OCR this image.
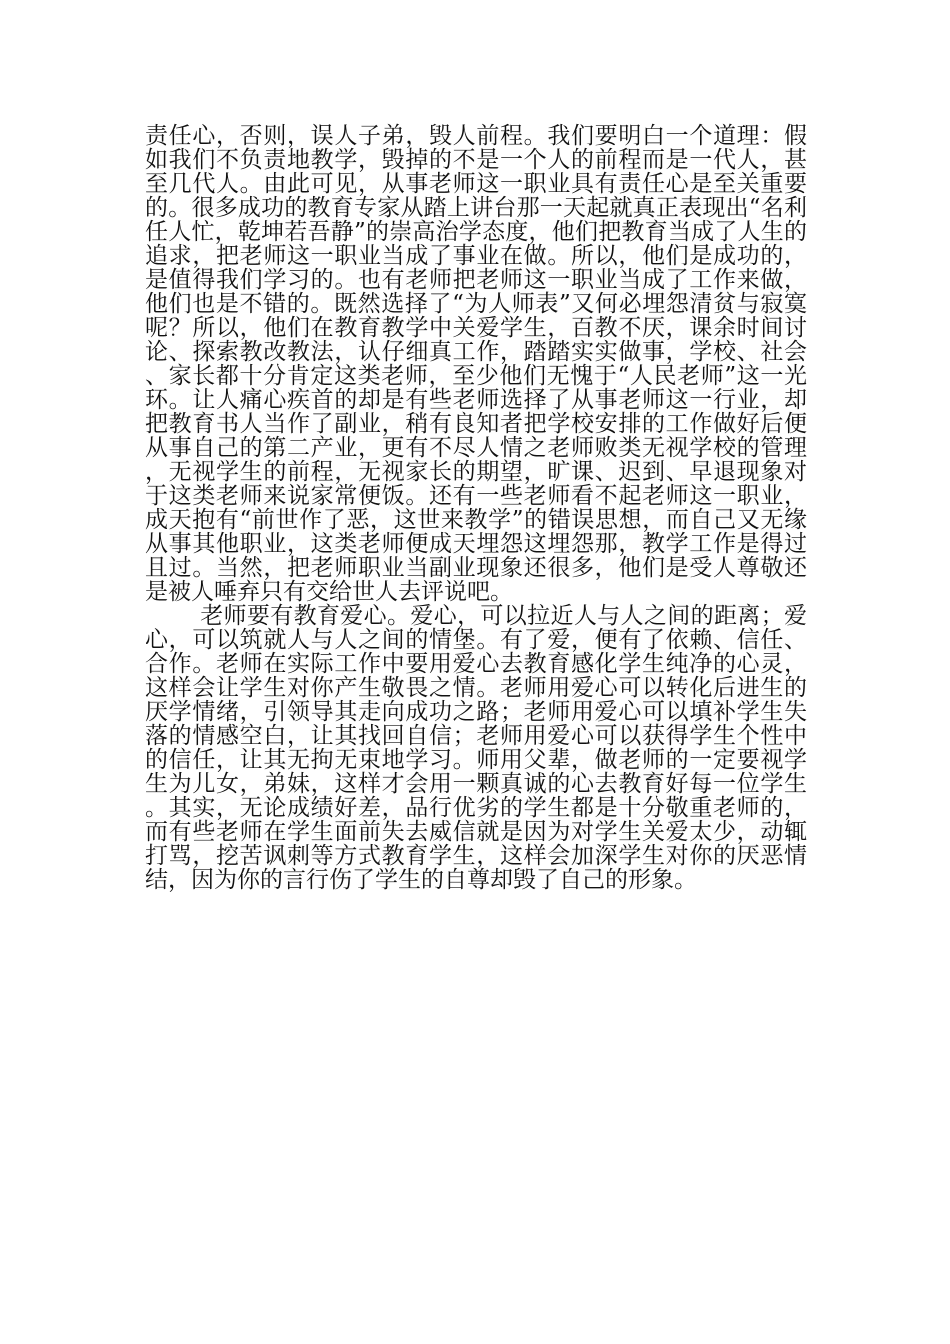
责任心，否则，误人子弟，毁人前程。我们要明白一个道理：假如我们不负责地教学，毁掉的不是一个人的前程而是一代人，甚至几代人。由此可见，从事老师这一职业具有责任心是至关重要的。很多成功的教育专家从踏上讲台那一天起就真正表现出“名利任人忙，乾坤若吾静”的崇高治学态度，他们把教育当成了人生的追求，把老师这一职业当成了事业在做。所以，他们是成功的，是值得我们学习的。也有老师把老师这一职业当成了工作来做，他们也是不错的。既然选择了“为人师表”又何必埋怨清贫与寂寞呢？所以，他们在教育教学中关爱学生，百教不厌，课余时间讨论、探索教改教法，认仔细真工作，踏踏实实做事，学校、社会、家长都十分肯定这类老师，至少他们无愧于“人民老师”这一光环。让人痛心疾首的却是有些老师选择了从事老师这一行业，却把教育书人当作了副业，稍有良知者把学校安排的工作做好后便从事自己的第二产业，更有不尽人情之老师败类无视学校的管理，无视学生的前程，无视家长的期望，旷课、迟到、早退现象对于这类老师来说家常便饭。还有一些老师看不起老师这一职业，成天抱有“前世作了恶，这世来教学”的错误思想，而自己又无缘从事其他职业，这类老师便成天埋怨这埋怨那，教学工作是得过且过。当然，把老师职业当副业现象还很多，他们是受人尊敬还是被人唾弃只有交给世人去评说吧。

老师要有教育爱心。爱心，可以拉近人与人之间的距离；爱心，可以筑就人与人之间的情堡。有了爱，便有了依赖、信任、合作。老师在实际工作中要用爱心去教育感化学生纯净的心灵，这样会让学生对你产生敬畏之情。老师用爱心可以转化后进生的厌学情绪，引领导其走向成功之路；老师用爱心可以填补学生失落的情感空白，让其找回自信；老师用爱心可以获得学生个性中的信任，让其无拘无束地学习。师用父辈，做老师的一定要视学生为儿女，弟妹，这样才会用一颗真诚的心去教育好每一位学生。其实，无论成绩好差，品行优劣的学生都是十分敬重老师的，而有些老师在学生面前失去威信就是因为对学生关爱太少，动辄打骂，挖苦讽刺等方式教育学生，这样会加深学生对你的厌恶情结，因为你的言行伤了学生的自尊却毁了自己的形象。
